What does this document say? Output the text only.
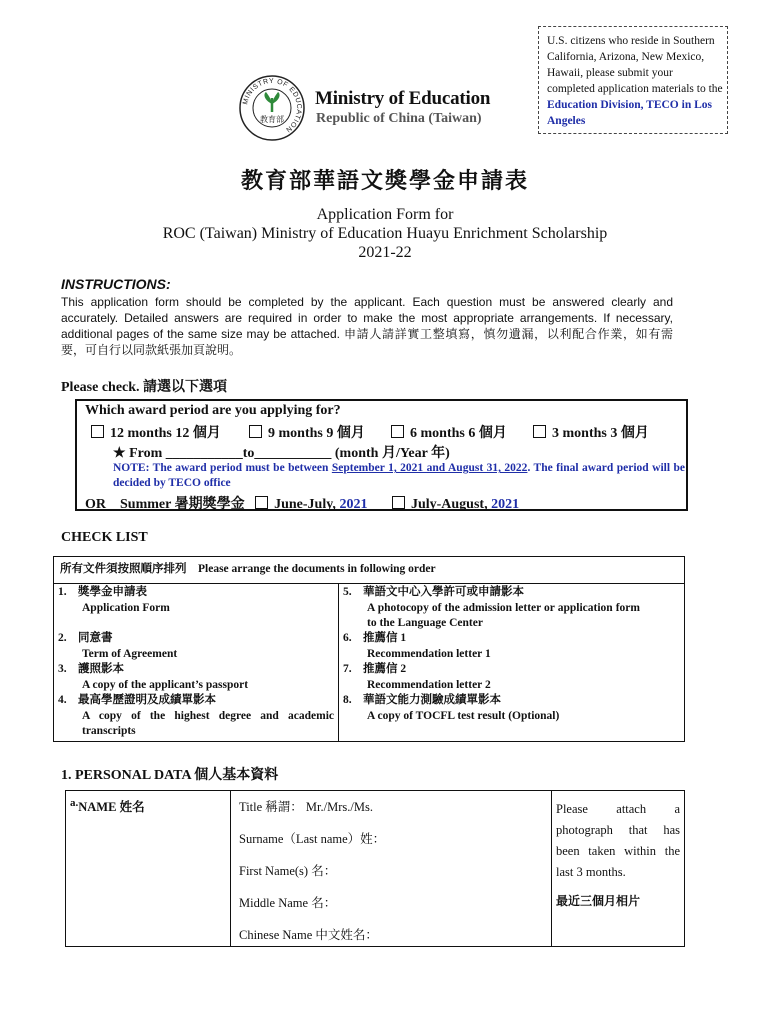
MINISTRY OF EDUCATION
教育部
Ministry of Education
Republic of China (Taiwan)
U.S. citizens who reside in Southern California, Arizona, New Mexico, Hawaii, please submit your completed application materials to the Education Division, TECO in Los Angeles
教育部華語文獎學金申請表
Application Form for
ROC (Taiwan) Ministry of Education Huayu Enrichment Scholarship
2021-22
INSTRUCTIONS:
This application form should be completed by the applicant. Each question must be answered clearly and accurately. Detailed answers are required in order to make the most appropriate arrangements. If necessary, additional pages of the same size may be attached. 申請人請詳實工整填寫，慎勿遺漏，以利配合作業，如有需要，可自行以同款紙張加頁說明。
Please check. 請選以下選項
Which award period are you applying for?
12 months 12 個月	9 months 9 個月	6 months 6 個月	3 months 3 個月
★ From ___________to___________ (month 月/Year 年)
NOTE: The award period must be between September 1, 2021 and August 31, 2022. The final award period will be decided by TECO office
OR Summer 暑期獎學金 June-July, 2021	July-August, 2021
CHECK LIST
所有文件須按照順序排列 Please arrange the documents in following order

1. 獎學金申請表
Application Form
2. 同意書
Term of Agreement
3. 護照影本
A copy of the applicant’s passport
4. 最高學歷證明及成績單影本
A copy of the highest degree and academic transcripts

5. 華語文中心入學許可或申請影本
A photocopy of the admission letter or application form to the Language Center
6. 推薦信 1
Recommendation letter 1
7. 推薦信 2
Recommendation letter 2
8. 華語文能力測驗成績單影本
A copy of TOCFL test result (Optional)
1. PERSONAL DATA 個人基本資料
$^{a.}$NAME 姓名	Title 稱謂： Mr./Mrs./Ms.
Surname（Last name）姓：
First Name(s) 名：
Middle Name 名：
Chinese Name 中文姓名：

Please attach a photograph that has been taken within the last 3 months.
最近三個月相片
